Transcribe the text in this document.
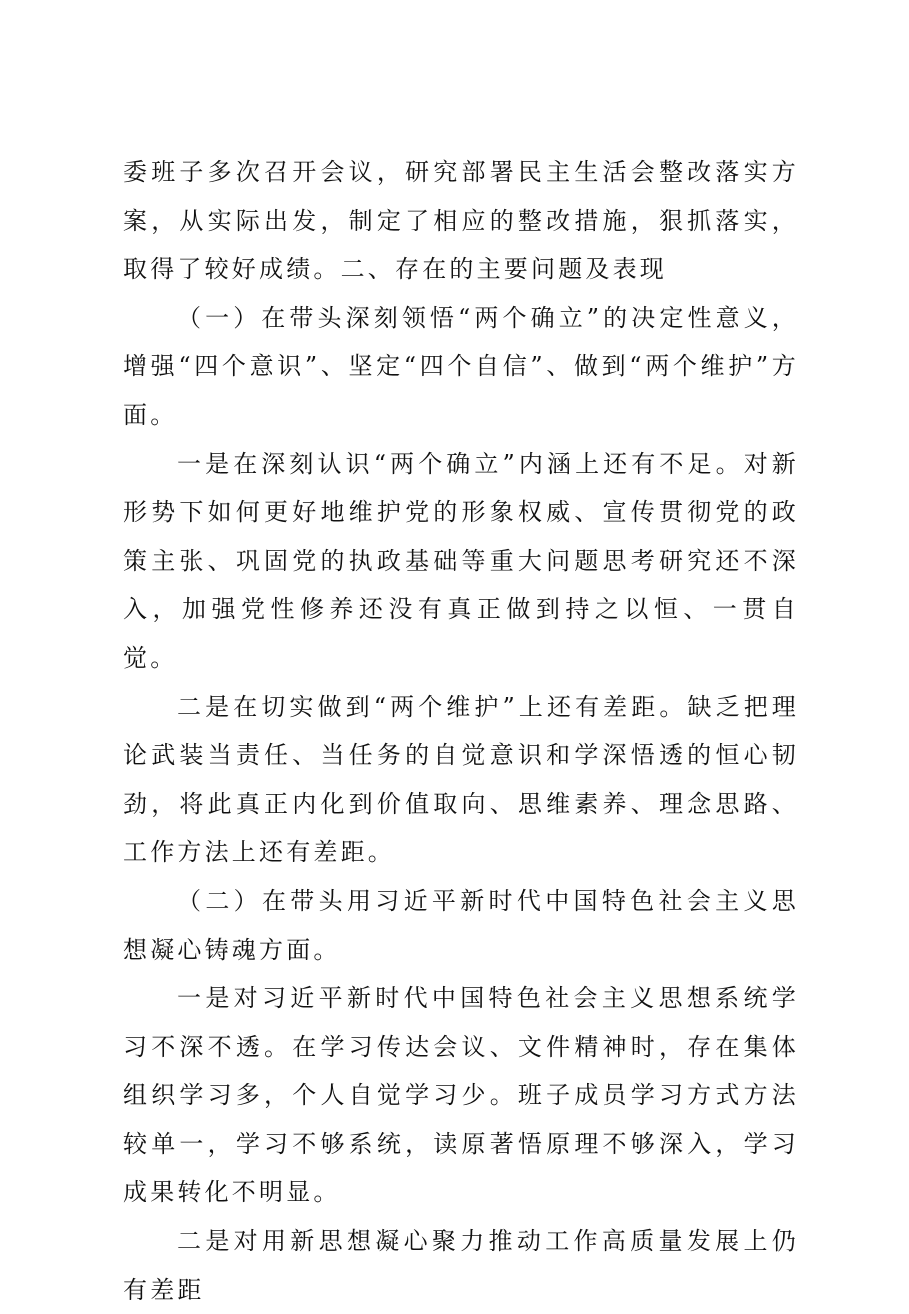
委班子多次召开会议，研究部署民主生活会整改落实方案，从实际出发，制定了相应的整改措施，狠抓落实，取得了较好成绩。二、存在的主要问题及表现

（一）在带头深刻领悟“两个确立”的决定性意义，增强“四个意识”、坚定“四个自信”、做到“两个维护”方面。

一是在深刻认识“两个确立”内涵上还有不足。对新形势下如何更好地维护党的形象权威、宣传贯彻党的政策主张、巩固党的执政基础等重大问题思考研究还不深入，加强党性修养还没有真正做到持之以恒、一贯自觉。

二是在切实做到“两个维护”上还有差距。缺乏把理论武装当责任、当任务的自觉意识和学深悟透的恒心韧劲，将此真正内化到价值取向、思维素养、理念思路、工作方法上还有差距。

（二）在带头用习近平新时代中国特色社会主义思想凝心铸魂方面。

一是对习近平新时代中国特色社会主义思想系统学习不深不透。在学习传达会议、文件精神时，存在集体组织学习多，个人自觉学习少。班子成员学习方式方法较单一，学习不够系统，读原著悟原理不够深入，学习成果转化不明显。

二是对用新思想凝心聚力推动工作高质量发展上仍有差距
